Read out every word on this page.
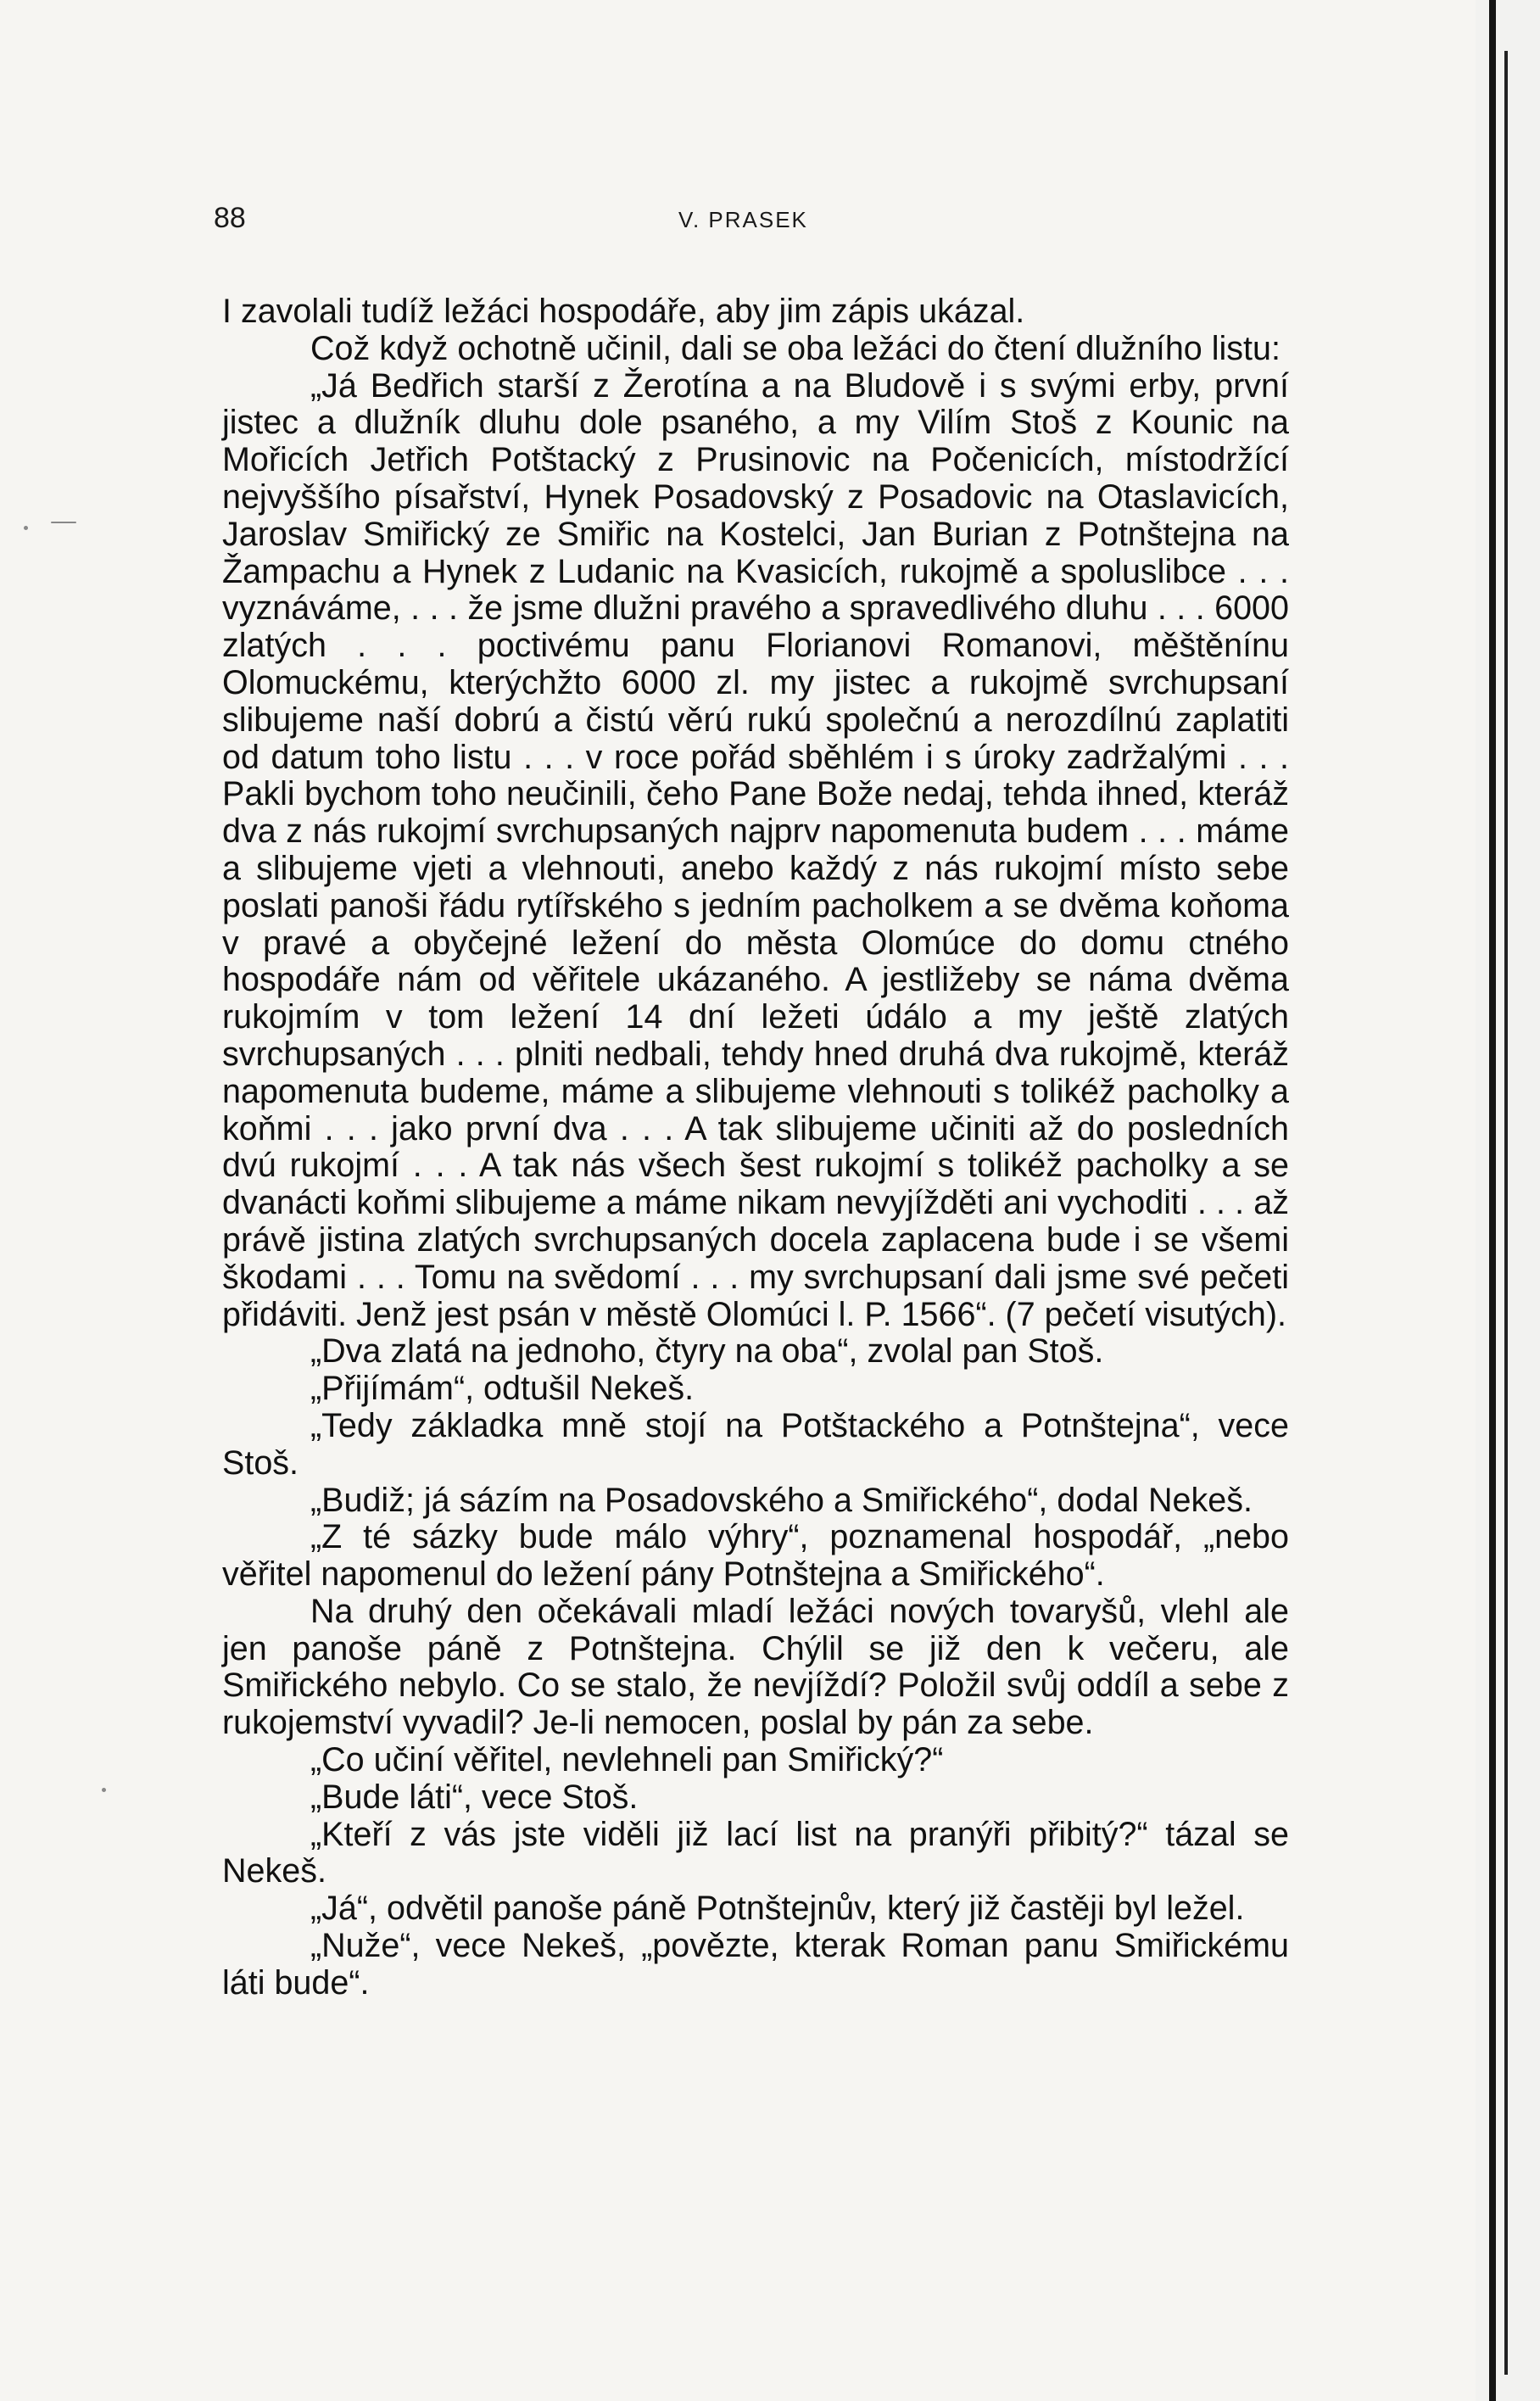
88	V. PRASEK

I zavolali tudíž ležáci hospodáře, aby jim zápis ukázal.

Což když ochotně učinil, dali se oba ležáci do čtení dlužního listu:

„Já Bedřich starší z Žerotína a na Bludově i s svými erby, první jistec a dlužník dluhu dole psaného, a my Vilím Stoš z Kounic na Mořicích Jetřich Potštacký z Prusinovic na Počenicích, místodržící nejvyššího písařství, Hynek Posadovský z Posadovic na Otaslavicích, Jaroslav Smiřický ze Smiřic na Kostelci, Jan Burian z Potnštejna na Žampachu a Hynek z Ludanic na Kvasicích, rukojmě a spoluslibce . . . vyznáváme, . . . že jsme dlužni pravého a spravedlivého dluhu . . . 6000 zlatých . . . poctivému panu Florianovi Romanovi, měštěnínu Olomuckému, kterýchžto 6000 zl. my jistec a rukojmě svrchupsaní slibujeme naší dobrú a čistú věrú rukú společnú a nerozdílnú zaplatiti od datum toho listu . . . v roce pořád sběhlém i s úroky zadržalými . . . Pakli bychom toho neučinili, čeho Pane Bože nedaj, tehda ihned, kteráž dva z nás rukojmí svrchupsaných najprv napomenuta budem . . . máme a slibujeme vjeti a vlehnouti, anebo každý z nás rukojmí místo sebe poslati panoši řádu rytířského s jedním pacholkem a se dvěma koňoma v pravé a obyčejné ležení do města Olomúce do domu ctného hospodáře nám od věřitele ukázaného. A jestližeby se náma dvěma rukojmím v tom ležení 14 dní ležeti údálo a my ještě zlatých svrchupsaných . . . plniti nedbali, tehdy hned druhá dva rukojmě, kteráž napomenuta budeme, máme a slibujeme vlehnouti s tolikéž pacholky a koňmi . . . jako první dva . . . A tak slibujeme učiniti až do posledních dvú rukojmí . . . A tak nás všech šest rukojmí s tolikéž pacholky a se dvanácti koňmi slibujeme a máme nikam nevyjížděti ani vychoditi . . . až právě jistina zlatých svrchupsaných docela zaplacena bude i se všemi škodami . . . Tomu na svědomí . . . my svrchupsaní dali jsme své pečeti přidáviti. Jenž jest psán v městě Olomúci l. P. 1566“. (7 pečetí visutých).

„Dva zlatá na jednoho, čtyry na oba“, zvolal pan Stoš.

„Přijímám“, odtušil Nekeš.

„Tedy základka mně stojí na Potštackého a Potnštejna“, vece Stoš.

„Budiž; já sázím na Posadovského a Smiřického“, dodal Nekeš.

„Z té sázky bude málo výhry“, poznamenal hospodář, „nebo věřitel napomenul do ležení pány Potnštejna a Smiřického“.

Na druhý den očekávali mladí ležáci nových tovaryšů, vlehl ale jen panoše páně z Potnštejna. Chýlil se již den k večeru, ale Smiřického nebylo. Co se stalo, že nevjíždí? Položil svůj oddíl a sebe z rukojemství vyvadil? Je-li nemocen, poslal by pán za sebe.

„Co učiní věřitel, nevlehneli pan Smiřický?“

„Bude láti“, vece Stoš.

„Kteří z vás jste viděli již lací list na pranýři přibitý?“ tázal se Nekeš.

„Já“, odvětil panoše páně Potnštejnův, který již častěji byl ležel.

„Nuže“, vece Nekeš, „povězte, kterak Roman panu Smiřickému láti bude“.
